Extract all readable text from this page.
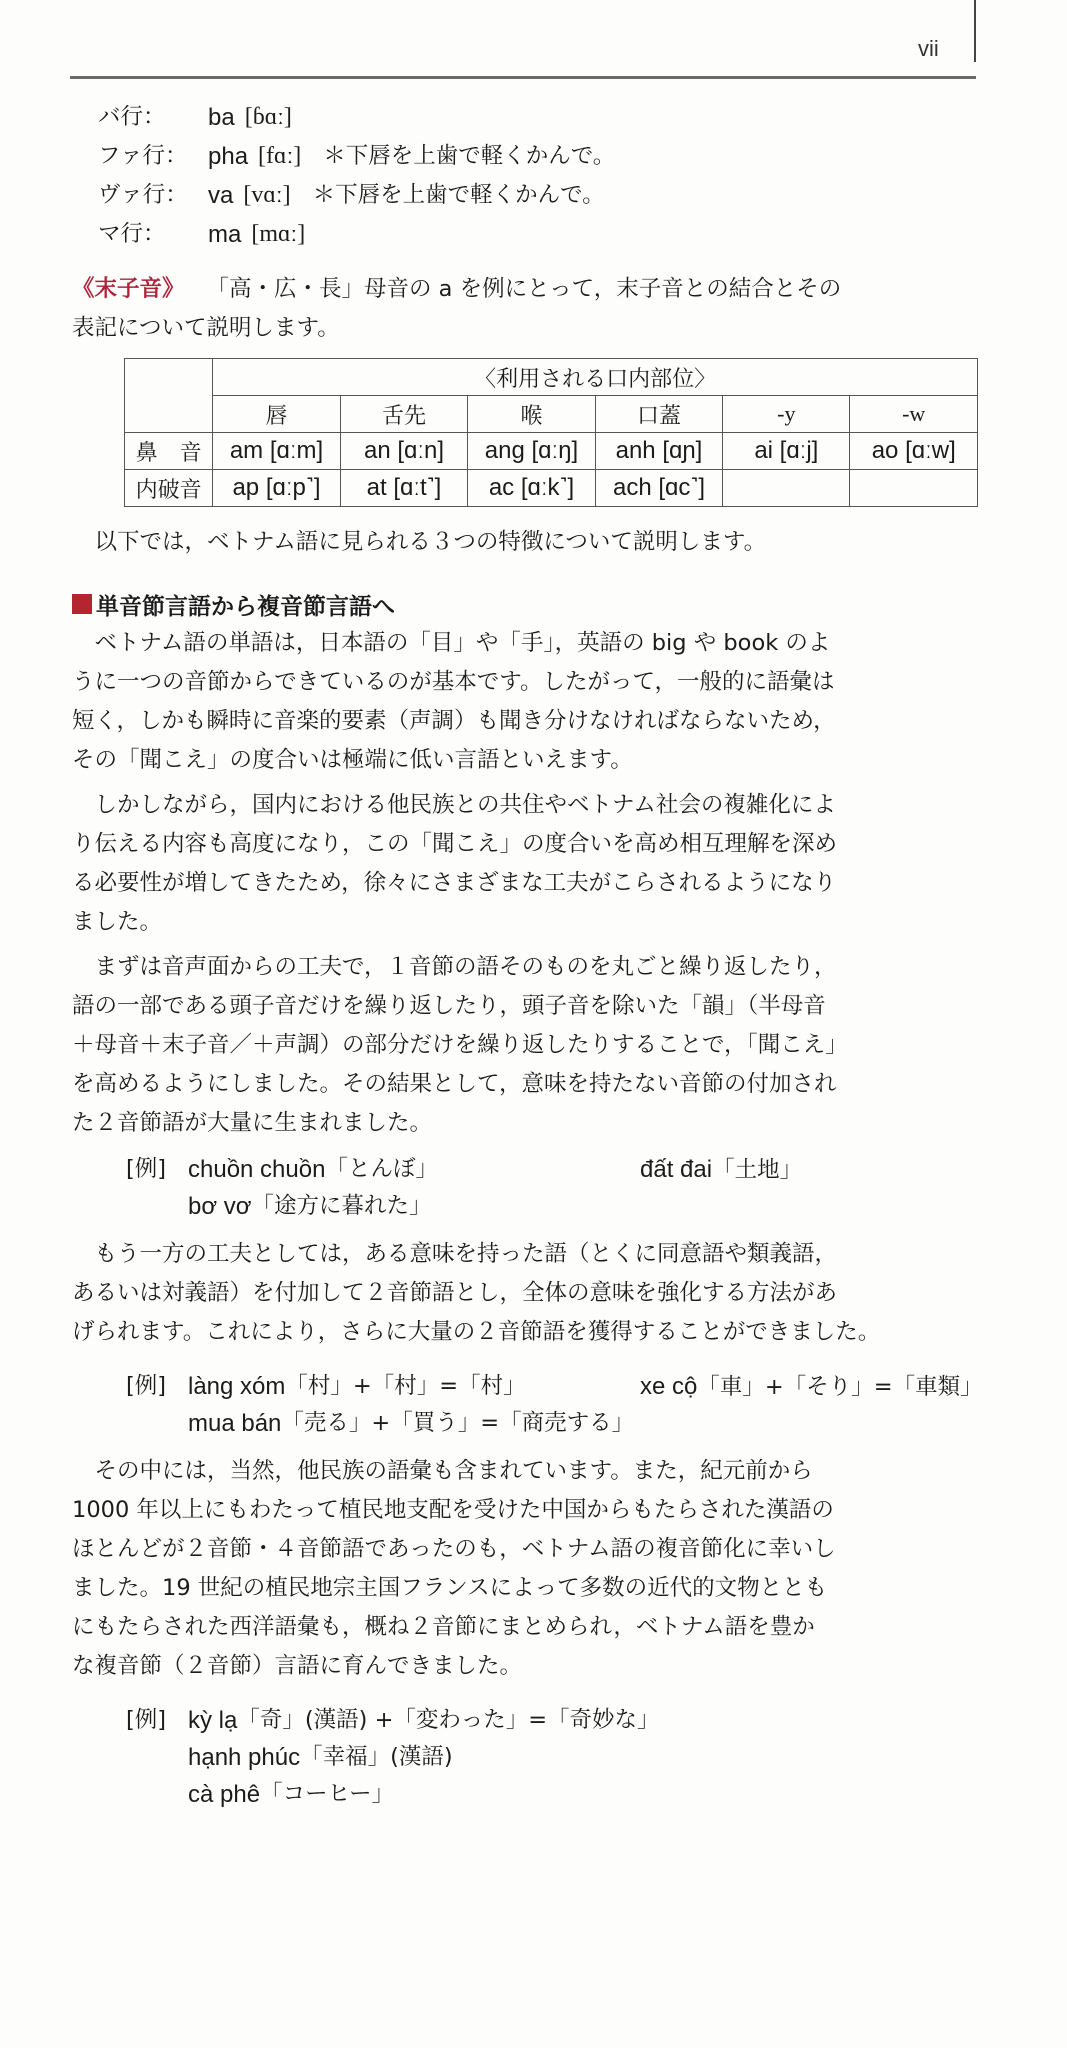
vii
バ行：	ba [ɓɑː]
ファ行： pha [fɑː] ＊下唇を上歯で軽くかんで。
ヴァ行： va [vɑː] ＊下唇を上歯で軽くかんで。
マ行：	ma [mɑː]
《末子音》 「高・広・長」母音の a を例にとって，末子音との結合とその
表記について説明します。
	〈利用される口内部位〉					
	唇	舌先	喉	口蓋	-y	-w
鼻　音	am [ɑːm]	an [ɑːn]	ang [ɑːŋ]	anh [ɑɲ]	ai [ɑːj]	ao [ɑːw]
内破音	ap [ɑːp˺]	at [ɑːt˺]	ac [ɑːk˺]	ach [ɑc˺]		
以下では，ベトナム語に見られる３つの特徴について説明します。
単音節言語から複音節言語へ
ベトナム語の単語は，日本語の「目」や「手」，英語の big や book のよ
うに一つの音節からできているのが基本です。したがって，一般的に語彙は
短く，しかも瞬時に音楽的要素（声調）も聞き分けなければならないため，
その「聞こえ」の度合いは極端に低い言語といえます。
しかしながら，国内における他民族との共住やベトナム社会の複雑化によ
り伝える内容も高度になり，この「聞こえ」の度合いを高め相互理解を深め
る必要性が増してきたため，徐々にさまざまな工夫がこらされるようになり
ました。
まずは音声面からの工夫で，１音節の語そのものを丸ごと繰り返したり，
語の一部である頭子音だけを繰り返したり，頭子音を除いた「韻」（半母音
＋母音＋末子音／＋声調）の部分だけを繰り返したりすることで，「聞こえ」
を高めるようにしました。その結果として，意味を持たない音節の付加され
た２音節語が大量に生まれました。
[例] chuồn chuồn 「とんぼ」	đất đai「土地」
bơ vơ 「途方に暮れた」
もう一方の工夫としては，ある意味を持った語（とくに同意語や類義語，
あるいは対義語）を付加して２音節語とし，全体の意味を強化する方法があ
げられます。これにより，さらに大量の２音節語を獲得することができました。
[例] làng xóm 「村」+「村」=「村」	xe cộ「車」+「そり」=「車類」
mua bán 「売る」+「買う」=「商売する」
その中には，当然，他民族の語彙も含まれています。また，紀元前から
1000 年以上にもわたって植民地支配を受けた中国からもたらされた漢語の
ほとんどが２音節・４音節語であったのも，ベトナム語の複音節化に幸いし
ました。19 世紀の植民地宗主国フランスによって多数の近代的文物ととも
にもたらされた西洋語彙も，概ね２音節にまとめられ，ベトナム語を豊か
な複音節（２音節）言語に育んできました。
[例] kỳ lạ 「奇」(漢語) +「変わった」=「奇妙な」
hạnh phúc 「幸福」(漢語)
cà phê 「コーヒー」
